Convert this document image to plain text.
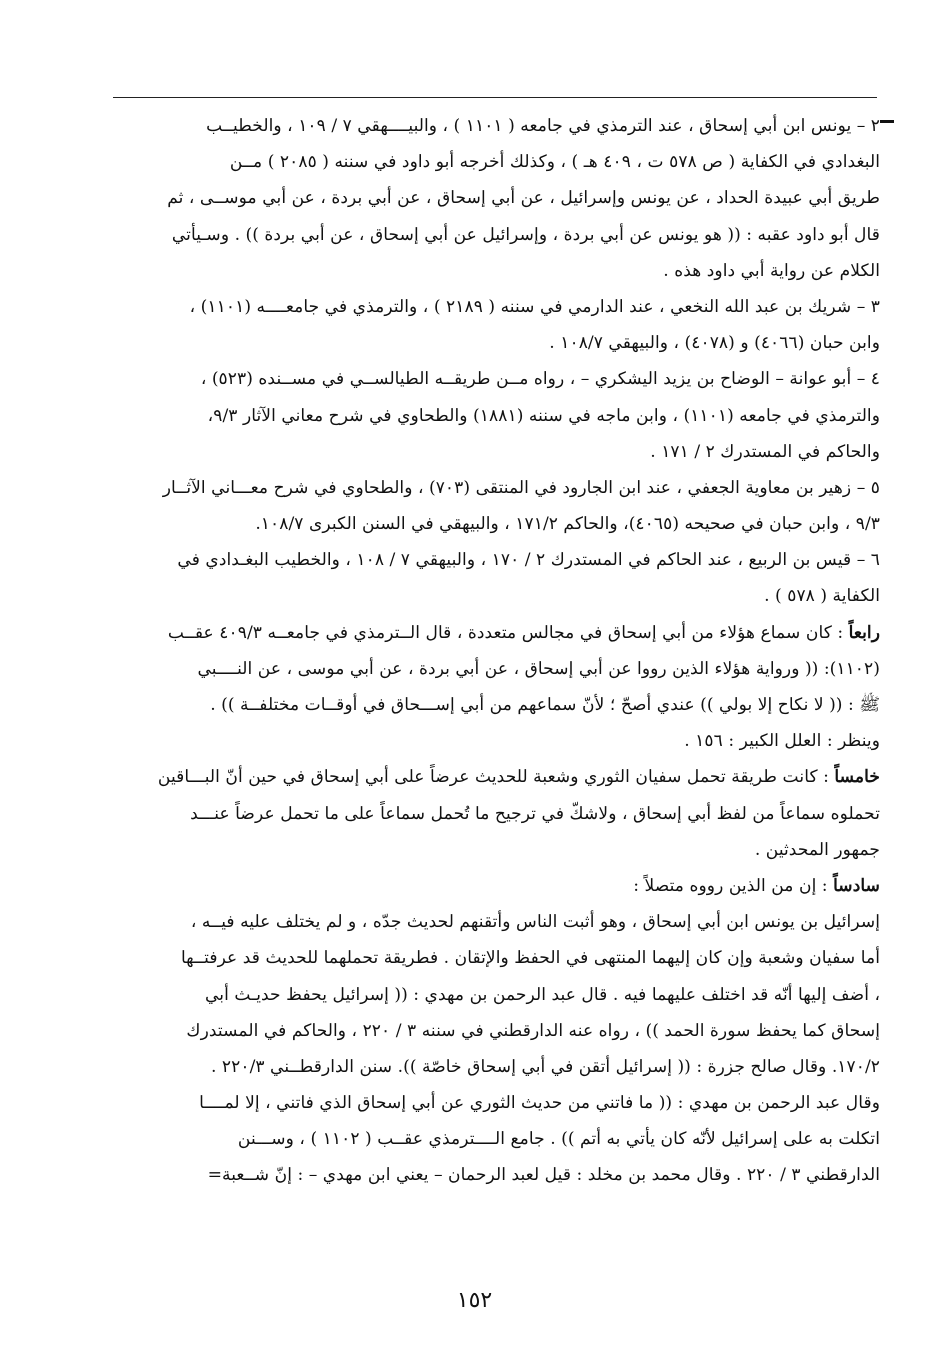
٢ – يونس ابن أبي إسحاق ، عند الترمذي في جامعه ( ١١٠١ ) ، والبيــــهقي ٧ / ١٠٩ ، والخطيــب
البغدادي في الكفاية ( ص ٥٧٨ ت ، ٤٠٩ هـ ) ، وكذلك أخرجه أبو داود في سننه ( ٢٠٨٥ ) مــن
طريق أبي عبيدة الحداد ، عن يونس وإسرائيل ، عن أبي إسحاق ، عن أبي بردة ، عن أبي موســى ، ثم
قال أبو داود عقبه : (( هو يونس عن أبي بردة ، وإسرائيل عن أبي إسحاق ، عن أبي بردة )) . وسـيأتي
الكلام عن رواية أبي داود هذه .
٣ – شريك بن عبد الله النخعي ، عند الدارمي في سننه ( ٢١٨٩ ) ، والترمذي في جامعــــه (١١٠١) ،
وابن حبان (٤٠٦٦) و (٤٠٧٨) ، والبيهقي ١٠٨/٧ .
٤ – أبو عوانة – الوضاح بن يزيد اليشكري – ، رواه مــن طريقــه الطيالســي في مســنده (٥٢٣) ،
والترمذي في جامعه (١١٠١) ، وابن ماجه في سننه (١٨٨١) والطحاوي في شرح معاني الآثار ٩/٣،
والحاكم في المستدرك ٢ / ١٧١ .
٥ – زهير بن معاوية الجعفي ، عند ابن الجارود في المنتقى (٧٠٣) ، والطحاوي في شرح معـــاني الآثــار
٩/٣ ، وابن حبان في صحيحه (٤٠٦٥)، والحاكم ١٧١/٢ ، والبيهقي في السنن الكبرى ١٠٨/٧.
٦ – قيس بن الربيع ، عند الحاكم في المستدرك ٢ / ١٧٠ ، والبيهقي ٧ / ١٠٨ ، والخطيب البغـدادي في
الكفاية ( ٥٧٨ ) .
رابعاً : كان سماع هؤلاء من أبي إسحاق في مجالس متعددة ، قال الــترمذي في جامعــه ٤٠٩/٣ عقــب
(١١٠٢): (( ورواية هؤلاء الذين رووا عن أبي إسحاق ، عن أبي بردة ، عن أبي موسى ، عن النــــبي
ﷺ : (( لا نكاح إلا بولي )) عندي أصحّ ؛ لأنّ سماعهم من أبي إســـحاق في أوقــات مختلفــة )) .
وينظر : العلل الكبير : ١٥٦ .
خامساً : كانت طريقة تحمل سفيان الثوري وشعبة للحديث عرضاً على أبي إسحاق في حين أنّ البـــاقين
تحملوه سماعاً من لفظ أبي إسحاق ، ولاشكّ في ترجيح ما تُحمل سماعاً على ما تحمل عرضاً عنـــد
جمهور المحدثين .
سادساً : إن من الذين رووه متصلاً :
إسرائيل بن يونس ابن أبي إسحاق ، وهو أثبت الناس وأتقنهم لحديث جدّه ، و لم يختلف عليه فيــه ،
أما سفيان وشعبة وإن كان إليهما المنتهى في الحفظ والإتقان . فطريقة تحملهما للحديث قد عرفتــها
، أضف إليها أنّه قد اختلف عليهما فيه . قال عبد الرحمن بن مهدي : (( إسرائيل يحفظ حديـث أبي
إسحاق كما يحفظ سورة الحمد )) ، رواه عنه الدارقطني في سننه ٣ / ٢٢٠ ، والحاكم في المستدرك
١٧٠/٢. وقال صالح جزرة : (( إسرائيل أتقن في أبي إسحاق خاصّة )). سنن الدارقطــني ٢٢٠/٣ .
وقال عبد الرحمن بن مهدي : (( ما فاتني من حديث الثوري عن أبي إسحاق الذي فاتني ، إلا لمــــا
اتكلت به على إسرائيل لأنّه كان يأتي به أتم )) . جامع الــــترمذي عقــب ( ١١٠٢ ) ، وســـنن
الدارقطني ٣ / ٢٢٠ . وقال محمد بن مخلد : قيل لعبد الرحمان – يعني ابن مهدي – : إنّ شــعبة=
١٥٢
